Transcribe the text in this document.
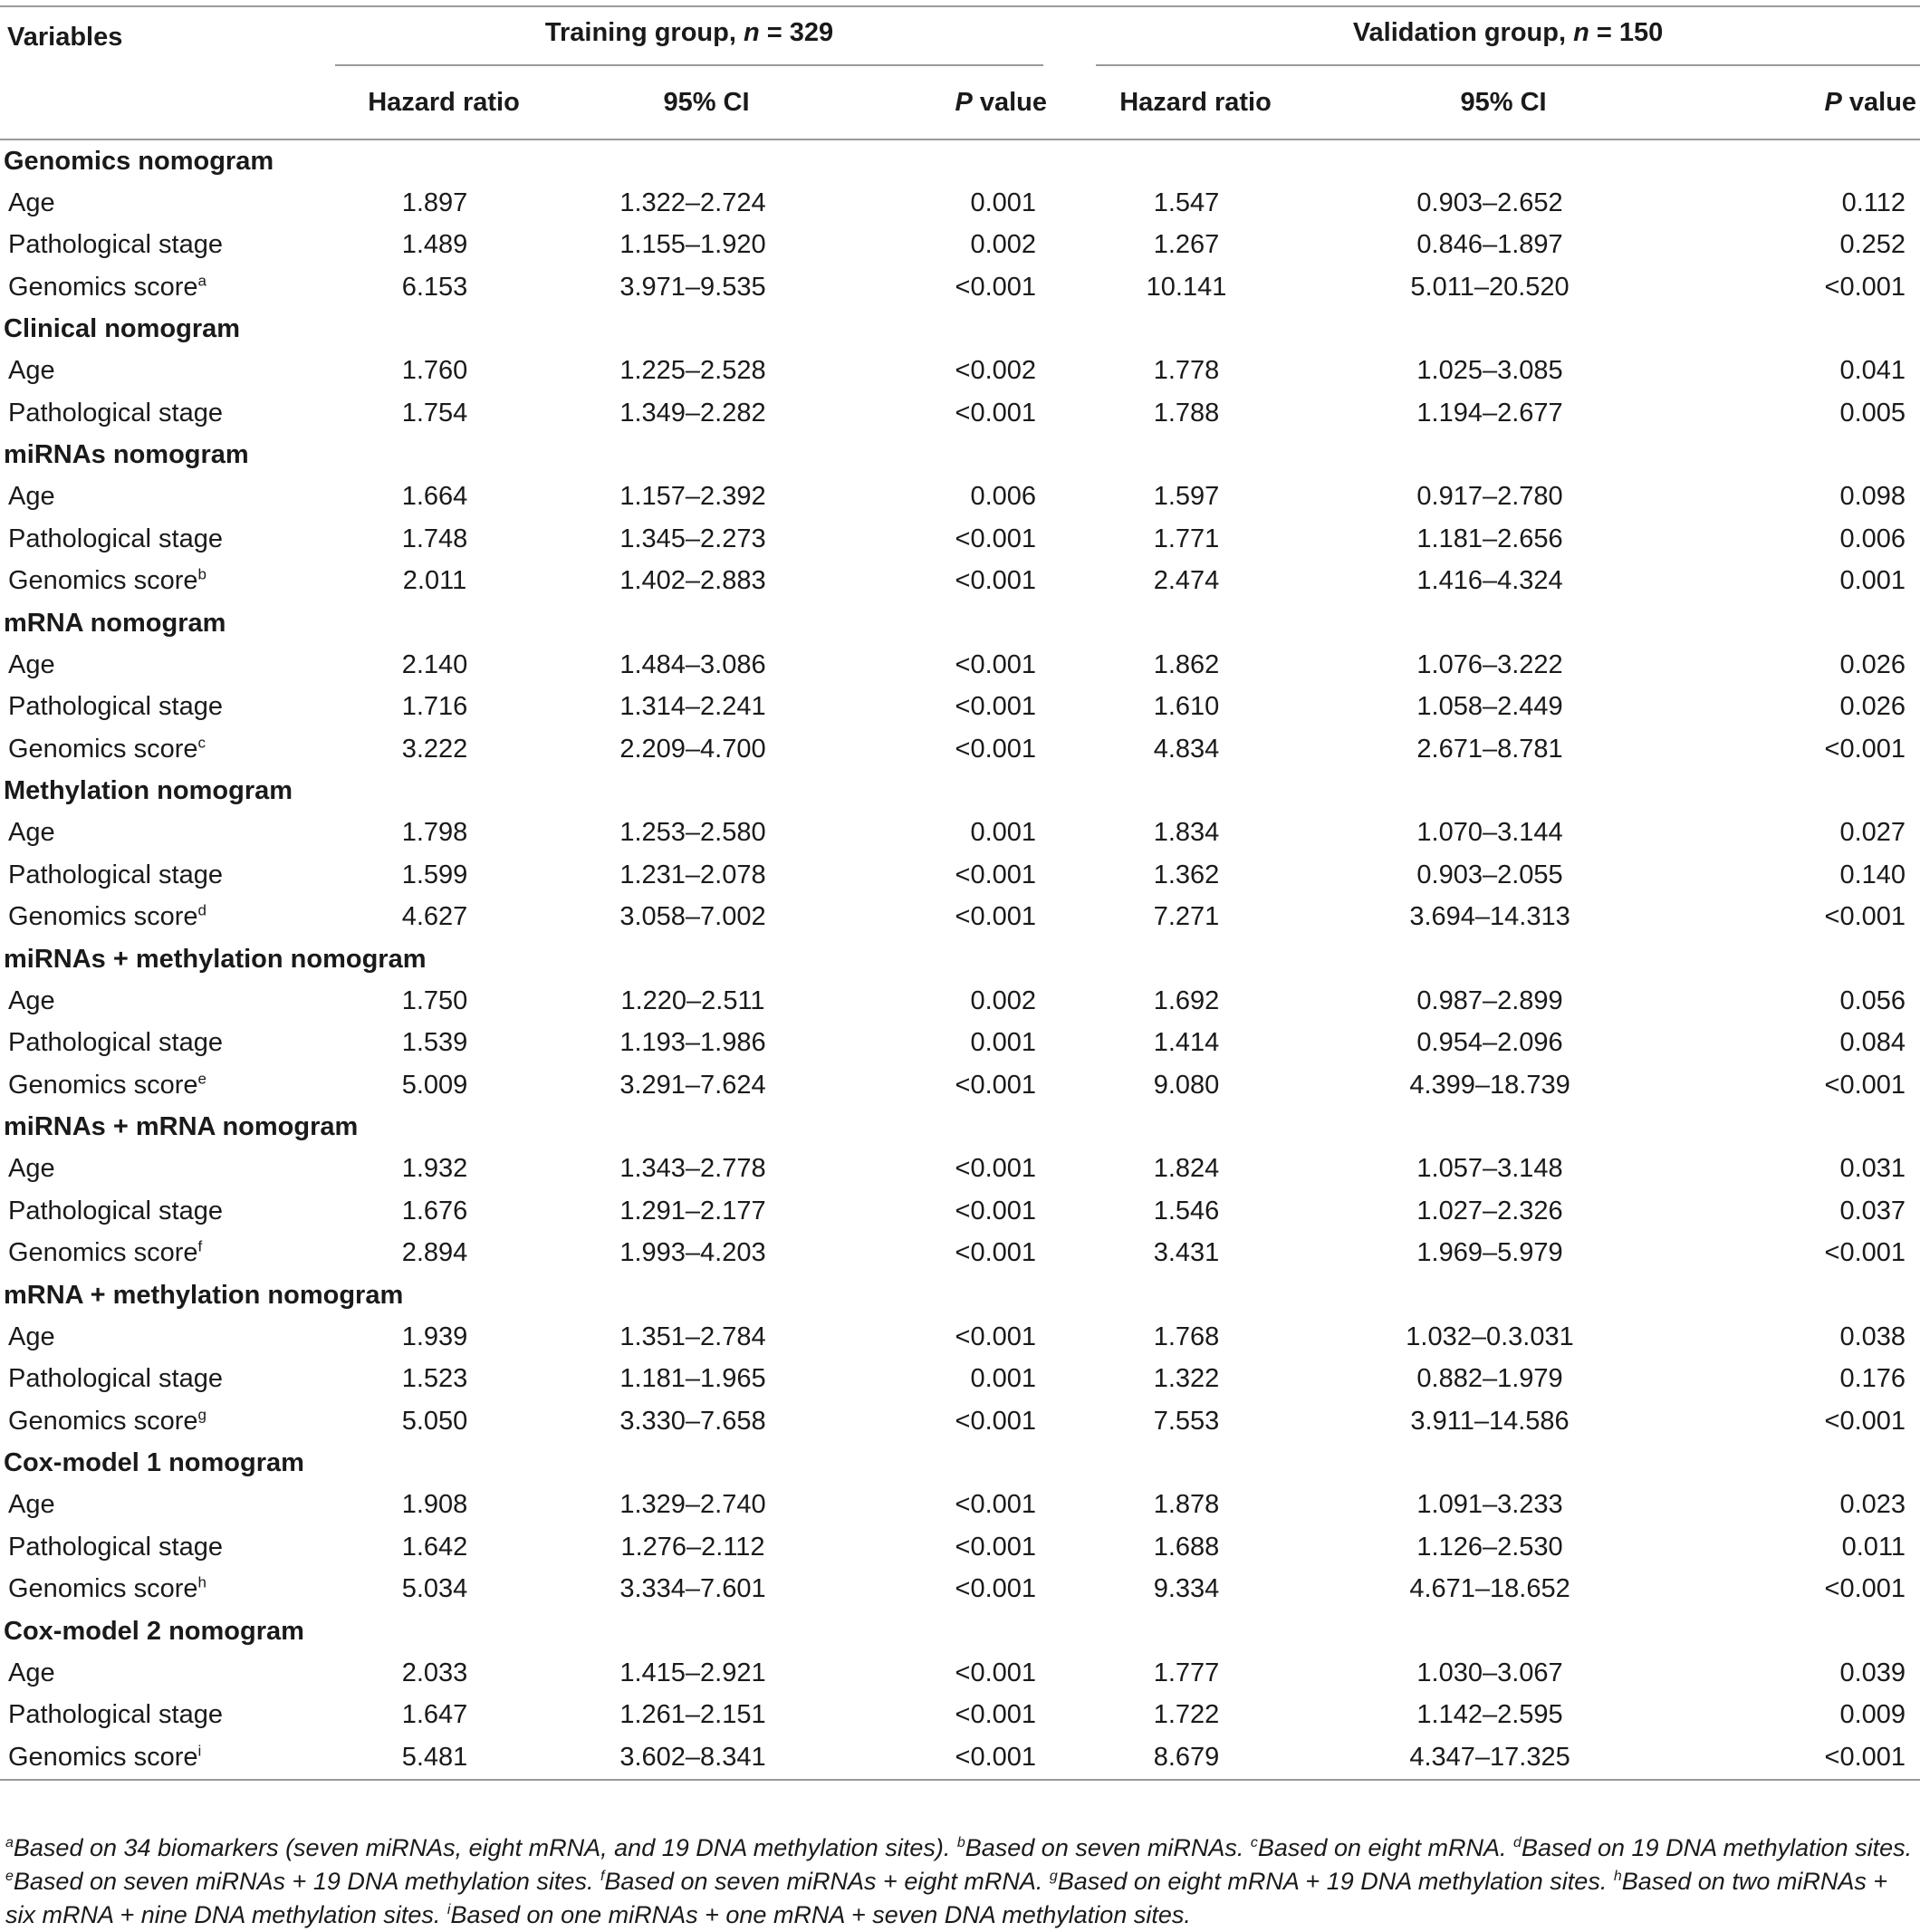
Variables	Training group, n = 329			Validation group, n = 150		

	Hazard ratio	95% CI	P value	Hazard ratio	95% CI	P value
Genomics nomogram						
Age	1.897	1.322–2.724	0.001	1.547	0.903–2.652	0.112
Pathological stage	1.489	1.155–1.920	0.002	1.267	0.846–1.897	0.252
Genomics score$^a$	6.153	3.971–9.535	<0.001	10.141	5.011–20.520	<0.001
Clinical nomogram						
Age	1.760	1.225–2.528	<0.002	1.778	1.025–3.085	0.041
Pathological stage	1.754	1.349–2.282	<0.001	1.788	1.194–2.677	0.005
miRNAs nomogram						
Age	1.664	1.157–2.392	0.006	1.597	0.917–2.780	0.098
Pathological stage	1.748	1.345–2.273	<0.001	1.771	1.181–2.656	0.006
Genomics score$^b$	2.011	1.402–2.883	<0.001	2.474	1.416–4.324	0.001
mRNA nomogram						
Age	2.140	1.484–3.086	<0.001	1.862	1.076–3.222	0.026
Pathological stage	1.716	1.314–2.241	<0.001	1.610	1.058–2.449	0.026
Genomics score$^c$	3.222	2.209–4.700	<0.001	4.834	2.671–8.781	<0.001
Methylation nomogram						
Age	1.798	1.253–2.580	0.001	1.834	1.070–3.144	0.027
Pathological stage	1.599	1.231–2.078	<0.001	1.362	0.903–2.055	0.140
Genomics score$^d$	4.627	3.058–7.002	<0.001	7.271	3.694–14.313	<0.001
miRNAs + methylation nomogram						
Age	1.750	1.220–2.511	0.002	1.692	0.987–2.899	0.056
Pathological stage	1.539	1.193–1.986	0.001	1.414	0.954–2.096	0.084
Genomics score$^e$	5.009	3.291–7.624	<0.001	9.080	4.399–18.739	<0.001
miRNAs + mRNA nomogram						
Age	1.932	1.343–2.778	<0.001	1.824	1.057–3.148	0.031
Pathological stage	1.676	1.291–2.177	<0.001	1.546	1.027–2.326	0.037
Genomics score$^f$	2.894	1.993–4.203	<0.001	3.431	1.969–5.979	<0.001
mRNA + methylation nomogram						
Age	1.939	1.351–2.784	<0.001	1.768	1.032–0.3.031	0.038
Pathological stage	1.523	1.181–1.965	0.001	1.322	0.882–1.979	0.176
Genomics score$^g$	5.050	3.330–7.658	<0.001	7.553	3.911–14.586	<0.001
Cox-model 1 nomogram						
Age	1.908	1.329–2.740	<0.001	1.878	1.091–3.233	0.023
Pathological stage	1.642	1.276–2.112	<0.001	1.688	1.126–2.530	0.011
Genomics score$^h$	5.034	3.334–7.601	<0.001	9.334	4.671–18.652	<0.001
Cox-model 2 nomogram						
Age	2.033	1.415–2.921	<0.001	1.777	1.030–3.067	0.039
Pathological stage	1.647	1.261–2.151	<0.001	1.722	1.142–2.595	0.009
Genomics score$^i$	5.481	3.602–8.341	<0.001	8.679	4.347–17.325	<0.001
$^a$Based on 34 biomarkers (seven miRNAs, eight mRNA, and 19 DNA methylation sites). $^b$Based on seven miRNAs. $^c$Based on eight mRNA. $^d$Based on 19 DNA methylation sites. $^e$Based on seven miRNAs + 19 DNA methylation sites. $^f$Based on seven miRNAs + eight mRNA. $^g$Based on eight mRNA + 19 DNA methylation sites. $^h$Based on two miRNAs + six mRNA + nine DNA methylation sites. $^i$Based on one miRNAs + one mRNA + seven DNA methylation sites.
